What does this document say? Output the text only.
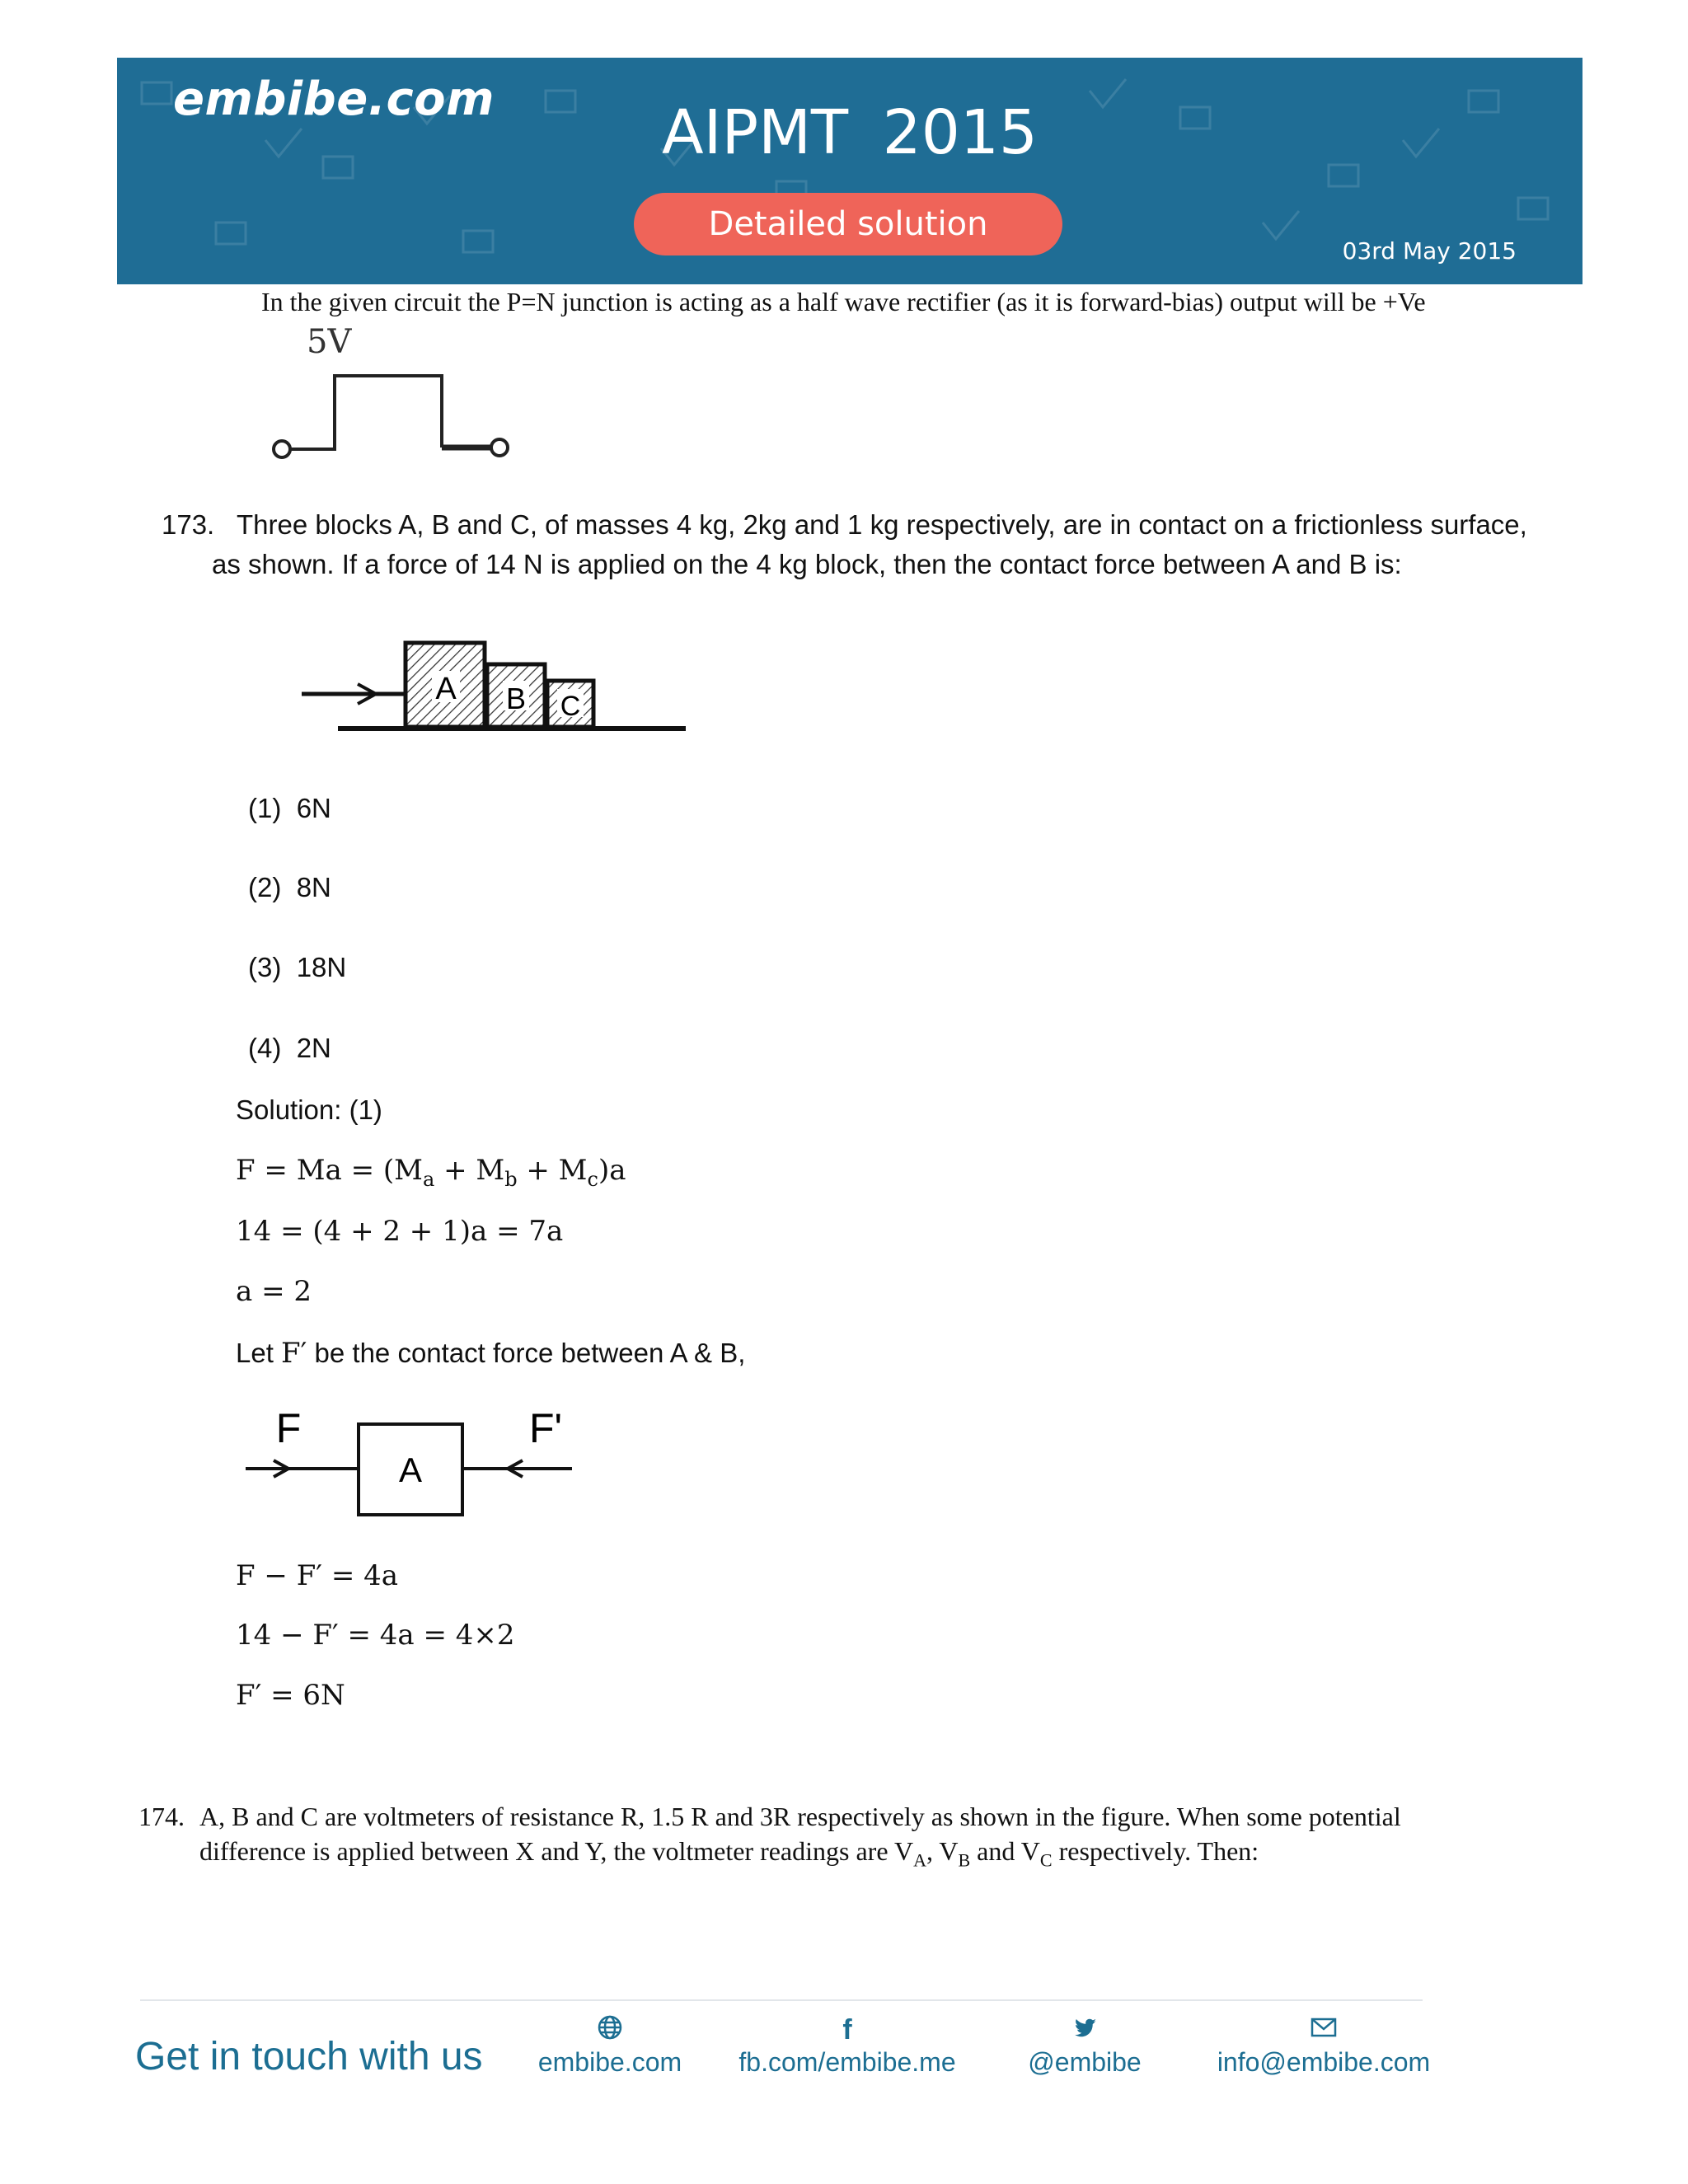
embibe.com	AIPMT 2015
Detailed solution
03rd May 2015
In the given circuit the P=N junction is acting as a half wave rectifier (as it is forward-bias) output will be +Ve
5V
173. Three blocks A, B and C, of masses 4 kg, 2kg and 1 kg respectively, are in contact on a frictionless surface,
as shown. If a force of 14 N is applied on the 4 kg block, then the contact force between A and B is:
A B C
(1) 6N
(2) 8N
(3) 18N
(4) 2N
Solution: (1)
$F = Ma = (M_a + M_b + M_c)a$
14 = (4 + 2 + 1)a = 7a
a = 2
Let F′ be the contact force between A & B,
F	F'
A
F − F′ = 4a
14 − F′ = 4a = 4×2
F′ = 6N
174. A, B and C are voltmeters of resistance R, 1.5 R and 3R respectively as shown in the figure. When some potential
difference is applied between X and Y, the voltmeter readings are $V_A$, $V_B$ and $V_C$ respectively. Then:
Get in touch with us	embibe.com
f
fb.com/embibe.me	@embibe	info@embibe.com
